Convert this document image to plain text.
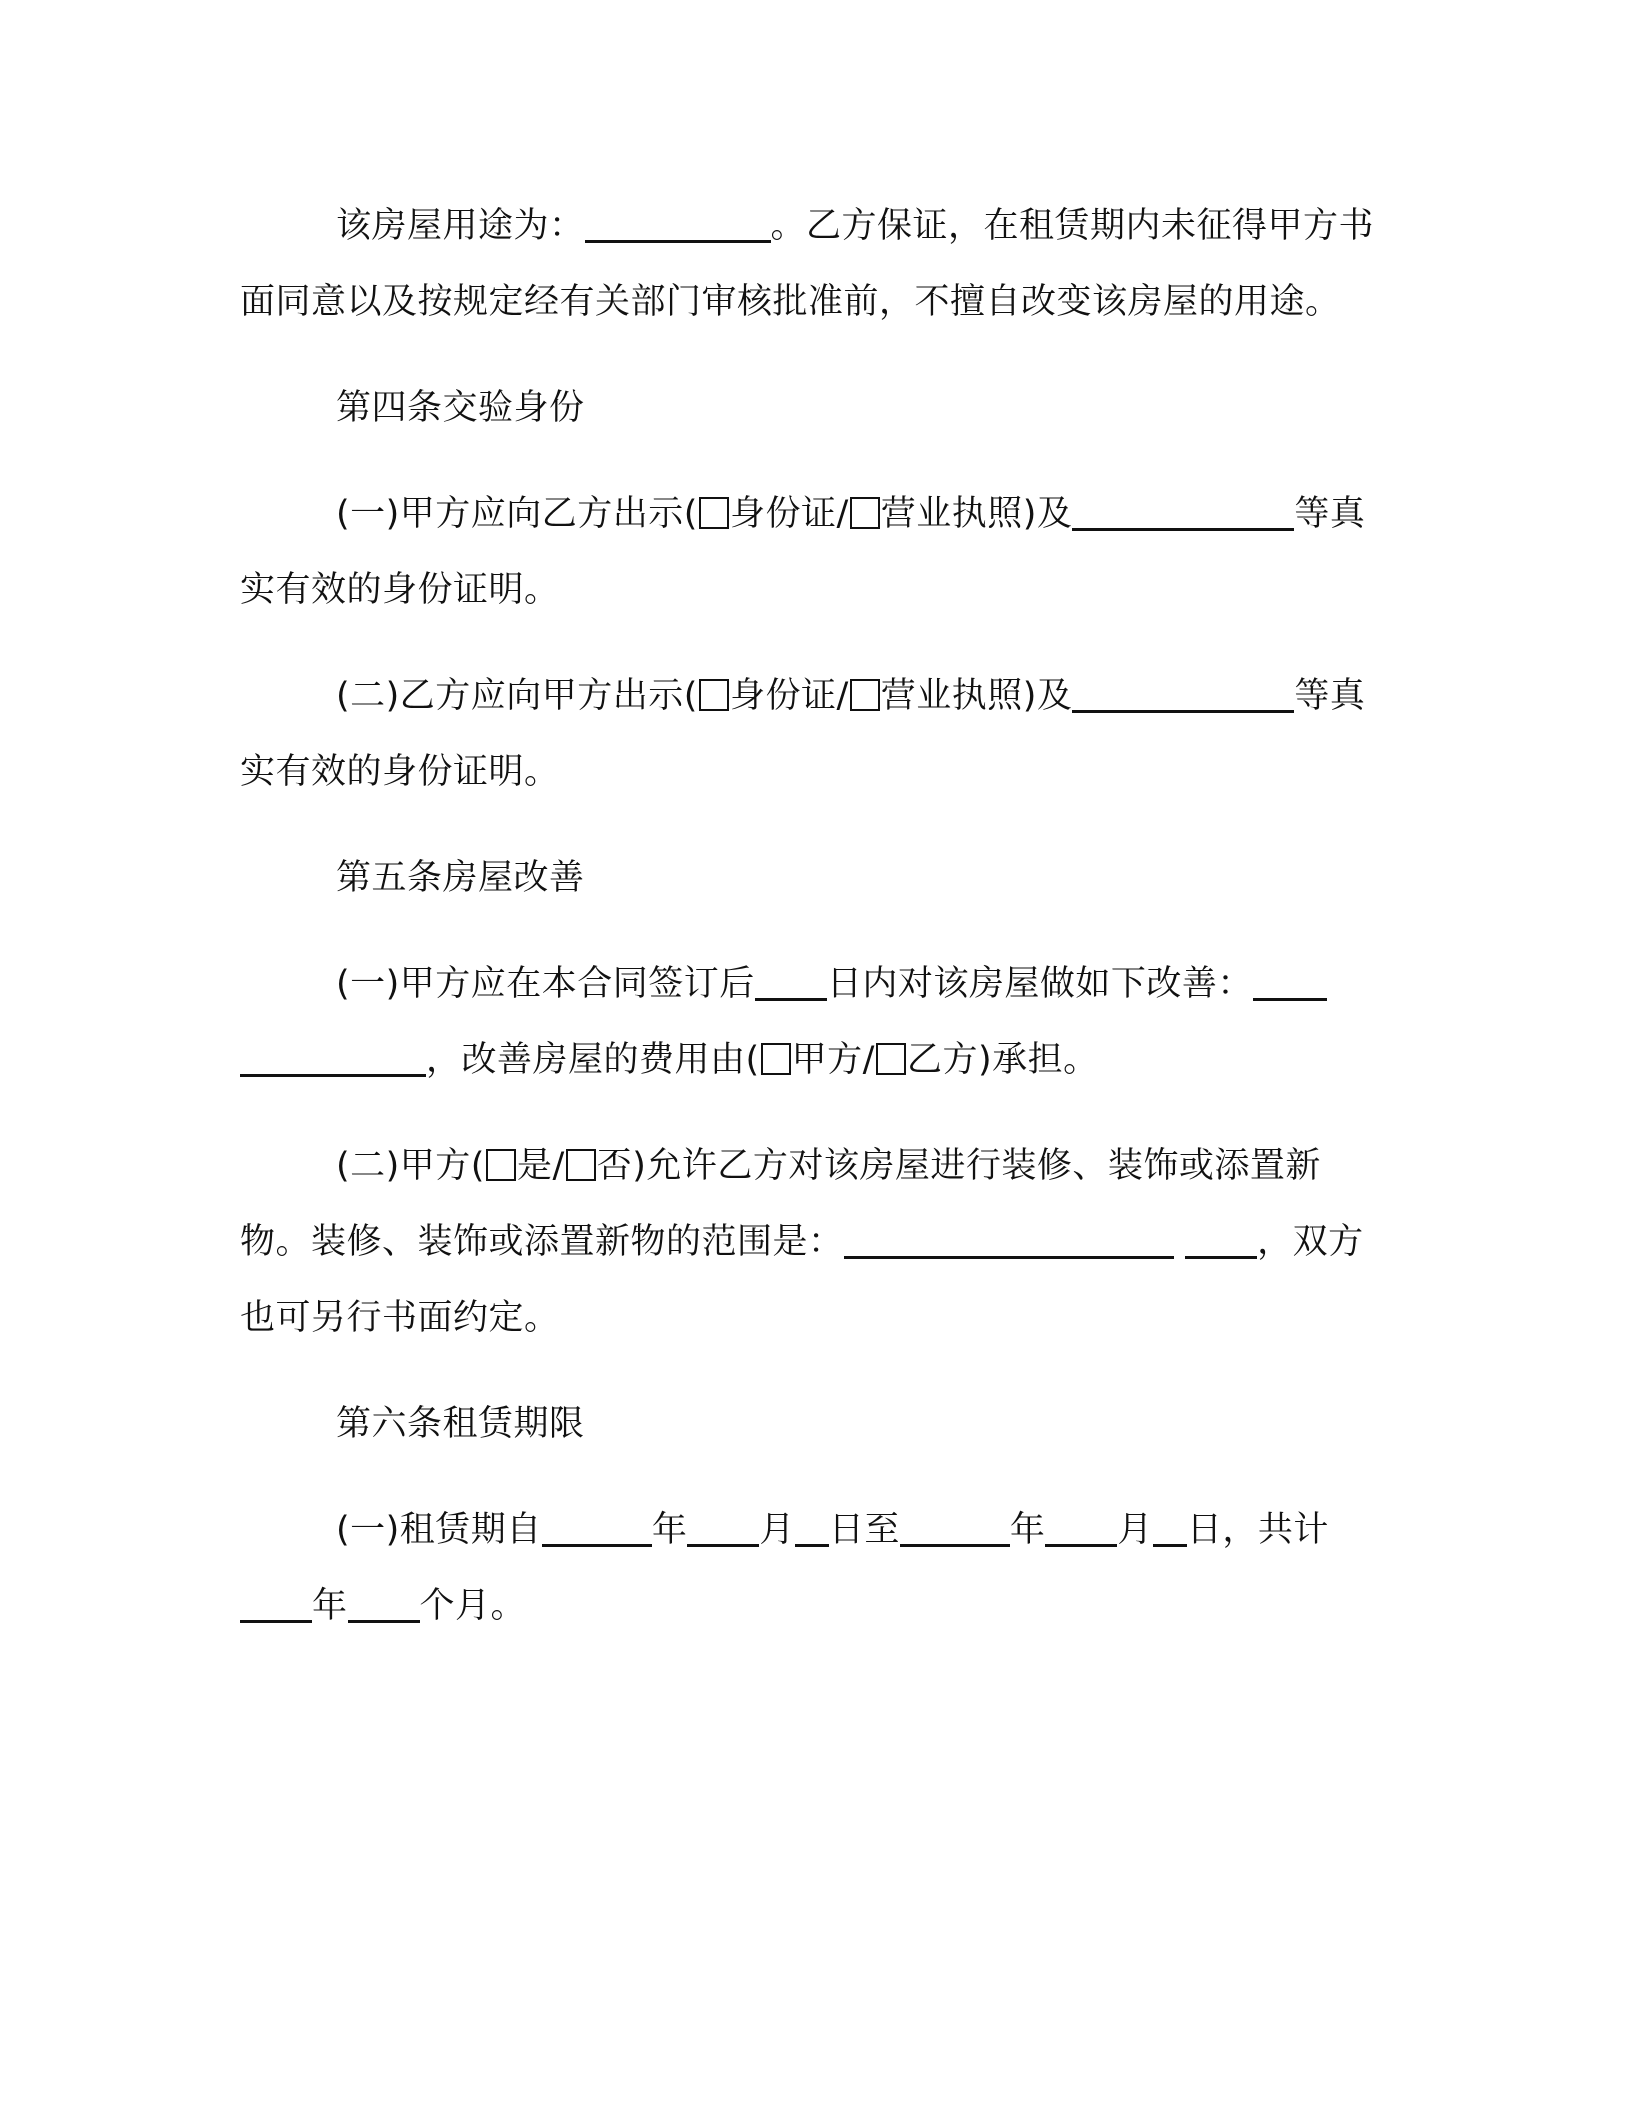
该房屋用途为：	。乙方保证，在租赁期内未征得甲方书面同意以及按规定经有关部门审核批准前，不擅自改变该房屋的用途。

第四条交验身份

(一)甲方应向乙方出示( 身份证/ 营业执照)及	等真实有效的身份证明。

(二)乙方应向甲方出示( 身份证/ 营业执照)及	等真实有效的身份证明。

第五条房屋改善

(一)甲方应在本合同签订后 日内对该房屋做如下改善： ，改善房屋的费用由( 甲方/ 乙方)承担。

(二)甲方( 是/ 否)允许乙方对该房屋进行装修、装饰或添置新物。装修、装饰或添置新物的范围是：	，双方也可另行书面约定。

第六条租赁期限

(一)租赁期自	年 月 日至	年 月 日，共计年 个月。
